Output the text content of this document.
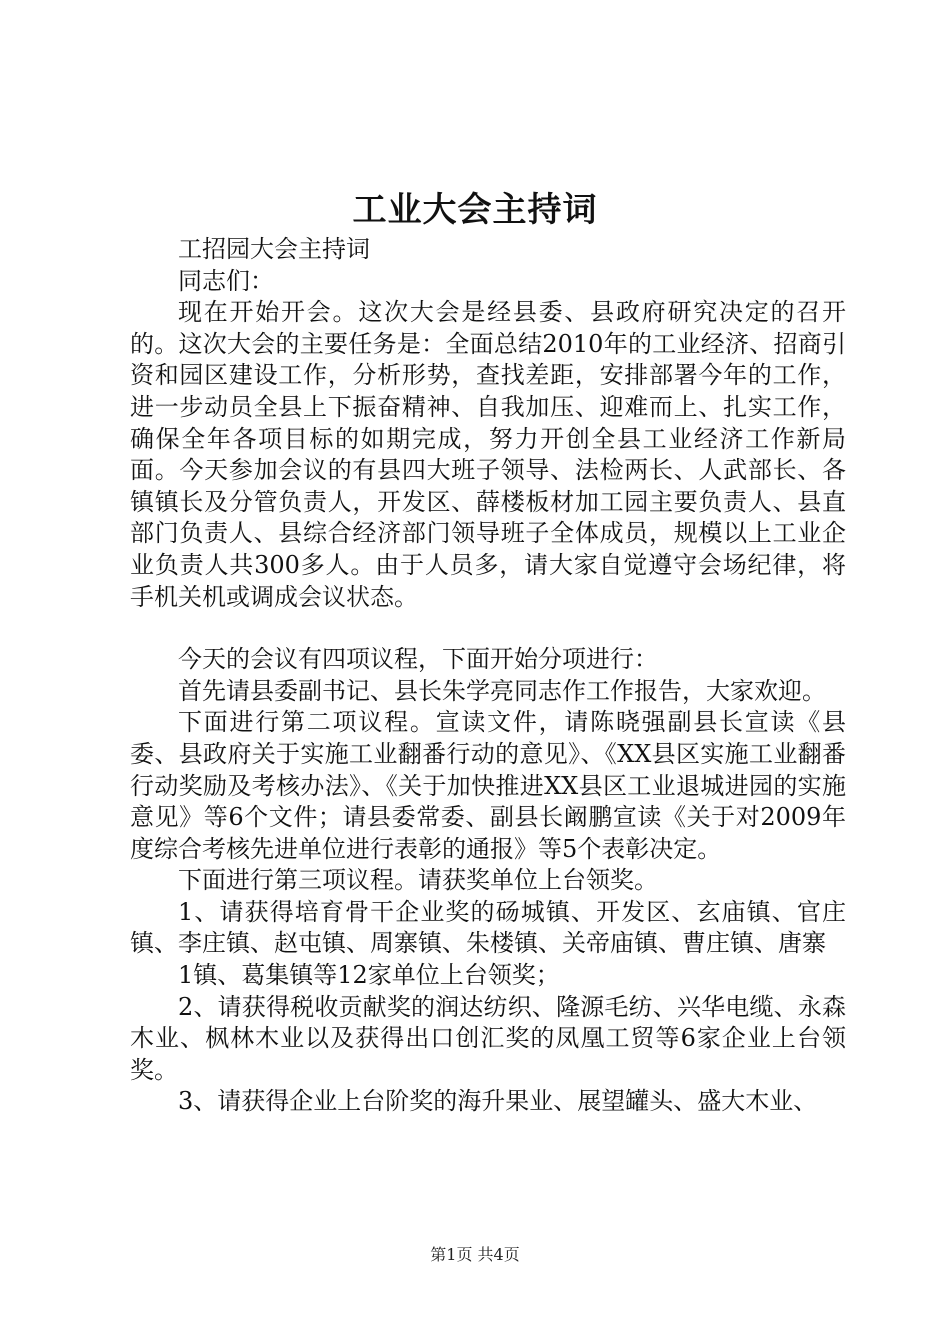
工业大会主持词

工招园大会主持词

同志们：

现在开始开会。这次大会是经县委、县政府研究决定的召开的。这次大会的主要任务是：全面总结2010年的工业经济、招商引资和园区建设工作，分析形势，查找差距，安排部署今年的工作，进一步动员全县上下振奋精神、自我加压、迎难而上、扎实工作，确保全年各项目标的如期完成，努力开创全县工业经济工作新局面。今天参加会议的有县四大班子领导、法检两长、人武部长、各镇镇长及分管负责人，开发区、薛楼板材加工园主要负责人、县直部门负责人、县综合经济部门领导班子全体成员，规模以上工业企业负责人共300多人。由于人员多，请大家自觉遵守会场纪律，将手机关机或调成会议状态。

今天的会议有四项议程，下面开始分项进行：

首先请县委副书记、县长朱学亮同志作工作报告，大家欢迎。

下面进行第二项议程。宣读文件，请陈晓强副县长宣读《县委、县政府关于实施工业翻番行动的意见》、《XX县区实施工业翻番行动奖励及考核办法》、《关于加快推进XX县区工业退城进园的实施意见》等6个文件；请县委常委、副县长阚鹏宣读《关于对2009年度综合考核先进单位进行表彰的通报》等5个表彰决定。

下面进行第三项议程。请获奖单位上台领奖。

1、请获得培育骨干企业奖的砀城镇、开发区、玄庙镇、官庄镇、李庄镇、赵屯镇、周寨镇、朱楼镇、关帝庙镇、曹庄镇、唐寨

1镇、葛集镇等12家单位上台领奖；

2、请获得税收贡献奖的润达纺织、隆源毛纺、兴华电缆、永森木业、枫林木业以及获得出口创汇奖的凤凰工贸等6家企业上台领奖。

3、请获得企业上台阶奖的海升果业、展望罐头、盛大木业、

第1页 共4页
